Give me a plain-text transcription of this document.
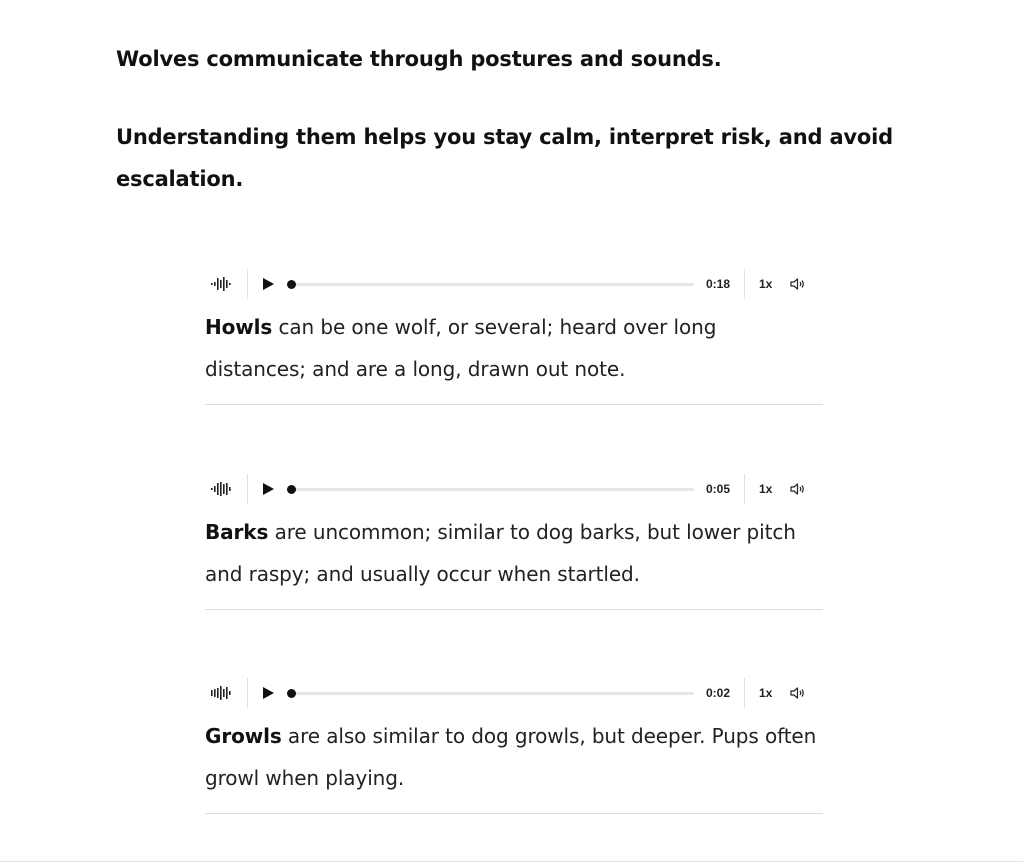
Wolves communicate through postures and sounds.

Understanding them helps you stay calm, interpret risk, and avoid escalation.

0:18	1x

Howls can be one wolf, or several; heard over long distances; and are a long, drawn out note.

0:05	1x

Barks are uncommon; similar to dog barks, but lower pitch and raspy; and usually occur when startled.

0:02	1x

Growls are also similar to dog growls, but deeper. Pups often growl when playing.
